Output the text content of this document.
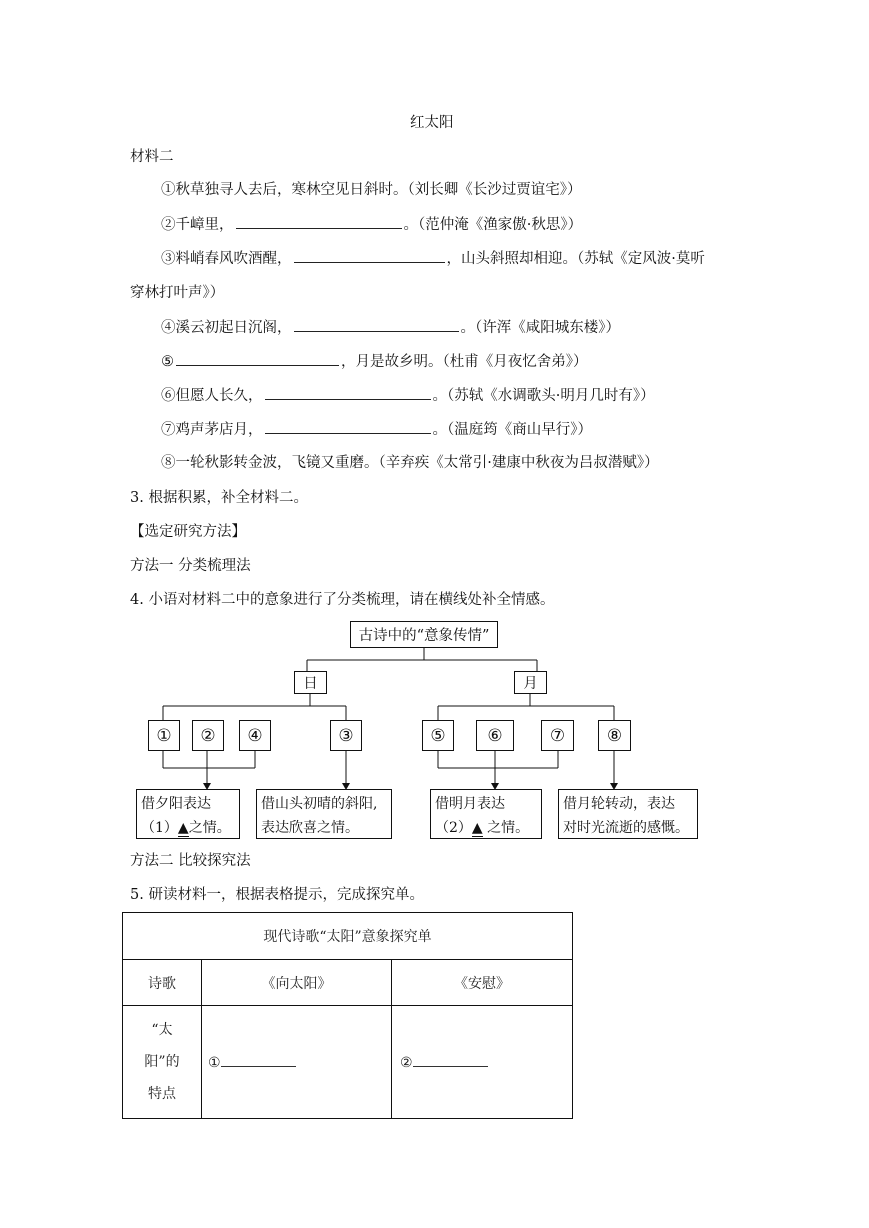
红太阳
材料二
①秋草独寻人去后，寒林空见日斜时。（刘长卿《长沙过贾谊宅》）
②千嶂里，	。（范仲淹《渔家傲·秋思》）
③料峭春风吹酒醒，	，山头斜照却相迎。（苏轼《定风波·莫听
穿林打叶声》）
④溪云初起日沉阁，	。（许浑《咸阳城东楼》）
⑤	，月是故乡明。（杜甫《月夜忆舍弟》）
⑥但愿人长久，	。（苏轼《水调歌头·明月几时有》）
⑦鸡声茅店月，	。（温庭筠《商山早行》）
⑧一轮秋影转金波，飞镜又重磨。（辛弃疾《太常引·建康中秋夜为吕叔潜赋》）
3. 根据积累，补全材料二。
【选定研究方法】
方法一 分类梳理法
4. 小语对材料二中的意象进行了分类梳理，请在横线处补全情感。
古诗中的“意象传情”
日	月
①	②	④	③	⑤	⑥	⑦	⑧
借夕阳表达
（1）▲之情。
借山头初晴的斜阳,
表达欣喜之情。
借明月表达
（2）▲ 之情。
借月轮转动，表达
对时光流逝的感慨。
方法二 比较探究法
5. 研读材料一，根据表格提示，完成探究单。
现代诗歌“太阳”意象探究单		
诗歌	《向太阳》	《安慰》

“太
阳”的
特点	①	②
